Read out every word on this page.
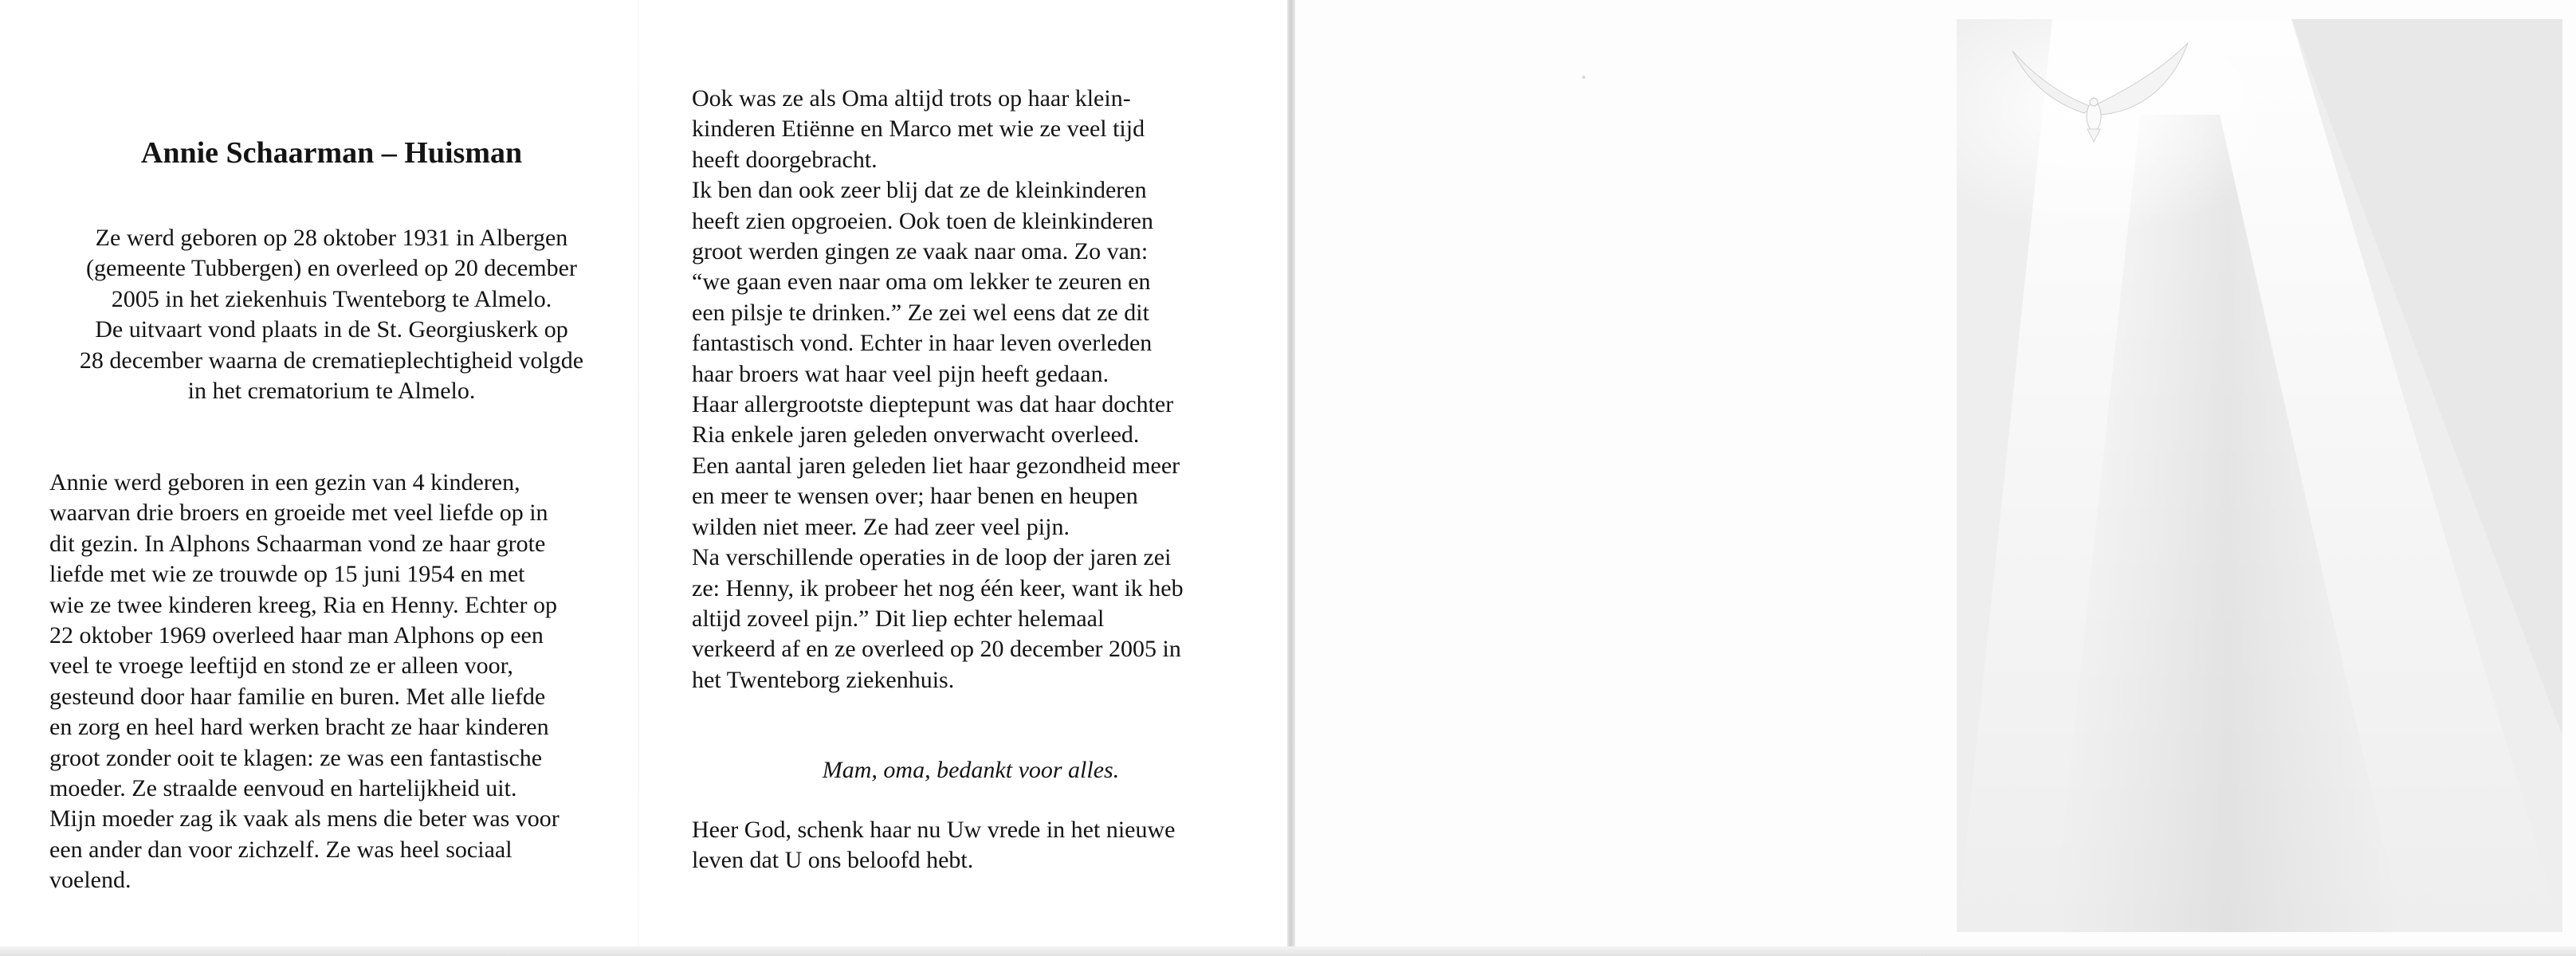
Annie Schaarman – Huisman
Ze werd geboren op 28 oktober 1931 in Albergen
(gemeente Tubbergen) en overleed op 20 december
2005 in het ziekenhuis Twenteborg te Almelo.
De uitvaart vond plaats in de St. Georgiuskerk op
28 december waarna de crematieplechtigheid volgde
in het crematorium te Almelo.
Annie werd geboren in een gezin van 4 kinderen,
waarvan drie broers en groeide met veel liefde op in
dit gezin. In Alphons Schaarman vond ze haar grote
liefde met wie ze trouwde op 15 juni 1954 en met
wie ze twee kinderen kreeg, Ria en Henny. Echter op
22 oktober 1969 overleed haar man Alphons op een
veel te vroege leeftijd en stond ze er alleen voor,
gesteund door haar familie en buren. Met alle liefde
en zorg en heel hard werken bracht ze haar kinderen
groot zonder ooit te klagen: ze was een fantastische
moeder. Ze straalde eenvoud en hartelijkheid uit.
Mijn moeder zag ik vaak als mens die beter was voor
een ander dan voor zichzelf. Ze was heel sociaal
voelend.
Ook was ze als Oma altijd trots op haar klein-
kinderen Etiënne en Marco met wie ze veel tijd
heeft doorgebracht.
Ik ben dan ook zeer blij dat ze de kleinkinderen
heeft zien opgroeien. Ook toen de kleinkinderen
groot werden gingen ze vaak naar oma. Zo van:
“we gaan even naar oma om lekker te zeuren en
een pilsje te drinken.” Ze zei wel eens dat ze dit
fantastisch vond. Echter in haar leven overleden
haar broers wat haar veel pijn heeft gedaan.
Haar allergrootste dieptepunt was dat haar dochter
Ria enkele jaren geleden onverwacht overleed.
Een aantal jaren geleden liet haar gezondheid meer
en meer te wensen over; haar benen en heupen
wilden niet meer. Ze had zeer veel pijn.
Na verschillende operaties in de loop der jaren zei
ze: Henny, ik probeer het nog één keer, want ik heb
altijd zoveel pijn.” Dit liep echter helemaal
verkeerd af en ze overleed op 20 december 2005 in
het Twenteborg ziekenhuis.
Mam, oma, bedankt voor alles.
Heer God, schenk haar nu Uw vrede in het nieuwe
leven dat U ons beloofd hebt.
